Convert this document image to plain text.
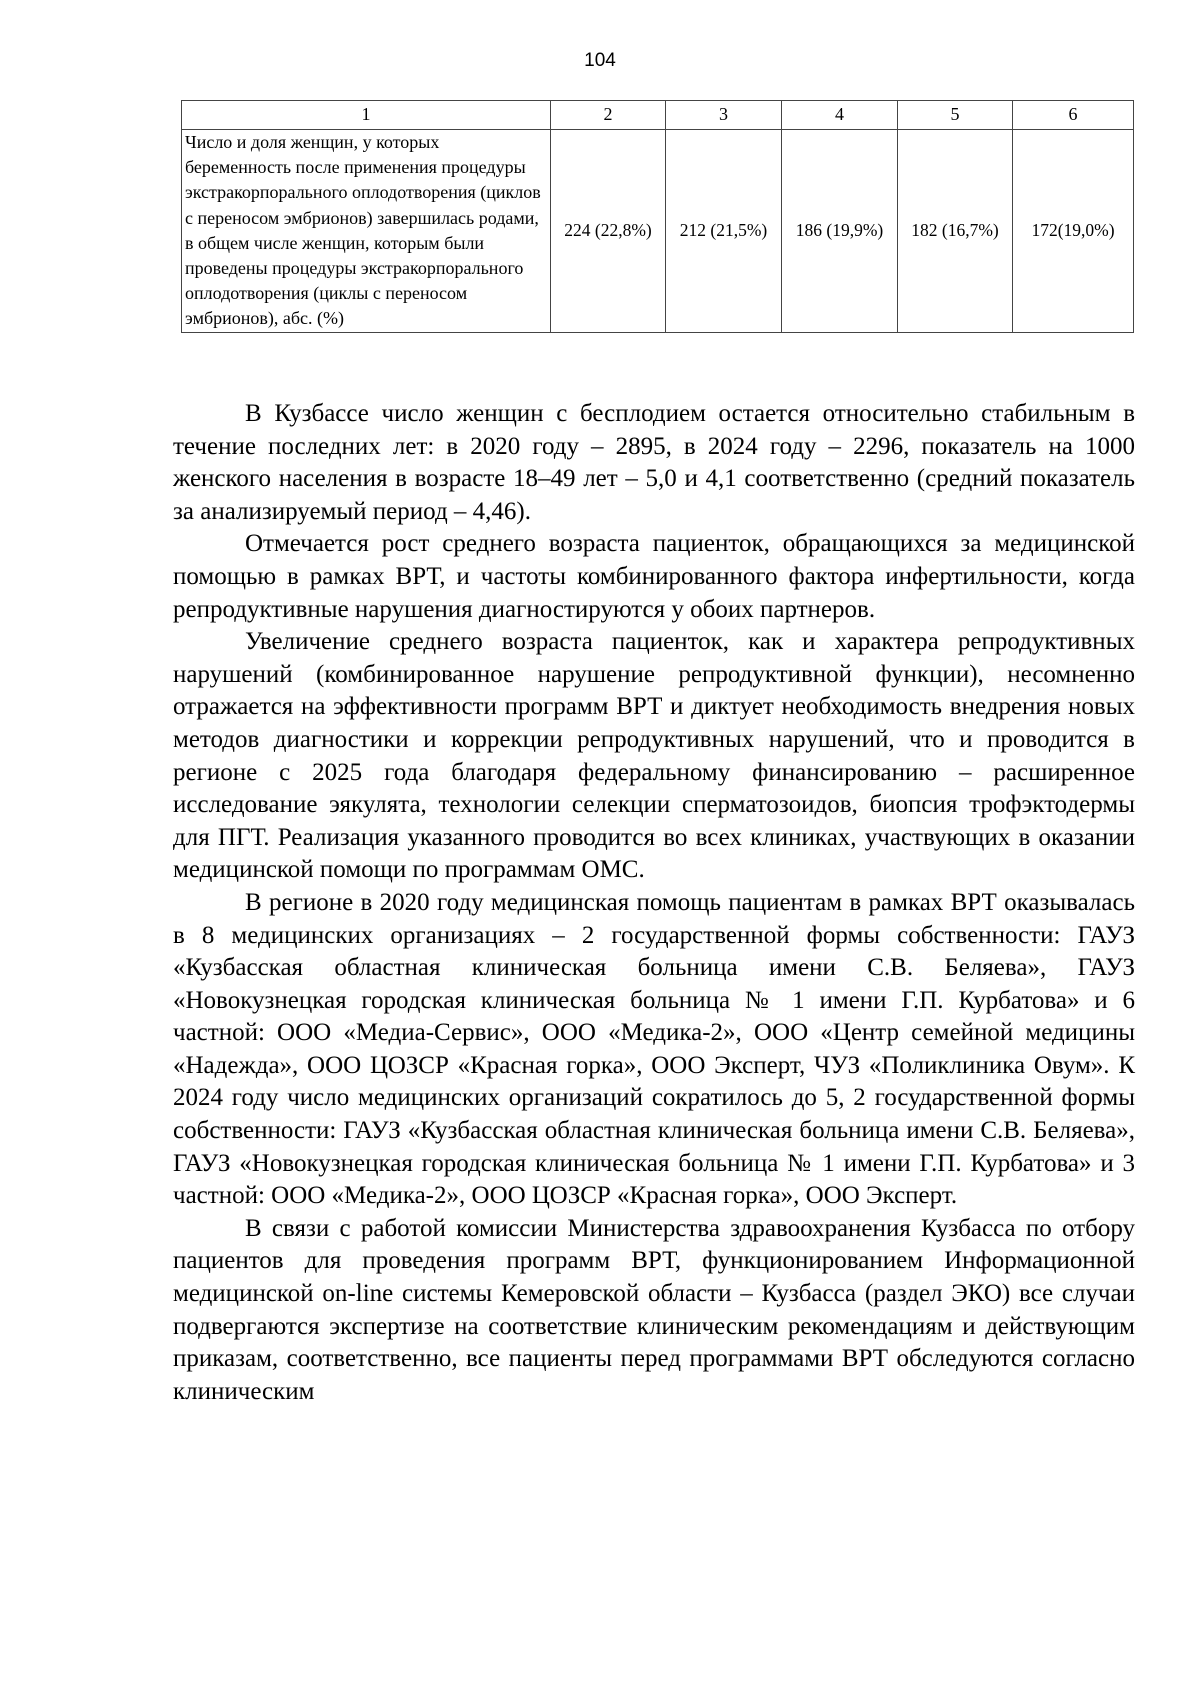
104
1	2	3	4	5	6
Число и доля женщин, у которых беременность после применения процедуры экстракорпорального оплодотворения (циклов с переносом эмбрионов) завершилась родами, в общем числе женщин, которым были проведены процедуры экстракорпорального оплодотворения (циклы с переносом эмбрионов), абс. (%)	224 (22,8%)	212 (21,5%)	186 (19,9%)	182 (16,7%)	172(19,0%)

В Кузбассе число женщин с бесплодием остается относительно стабильным в течение последних лет: в 2020 году – 2895, в 2024 году – 2296, показатель на 1000 женского населения в возрасте 18–49 лет – 5,0 и 4,1 соответственно (средний показатель за анализируемый период – 4,46).

Отмечается рост среднего возраста пациенток, обращающихся за медицинской помощью в рамках ВРТ, и частоты комбинированного фактора инфертильности, когда репродуктивные нарушения диагностируются у обоих партнеров.

Увеличение среднего возраста пациенток, как и характера репродуктивных нарушений (комбинированное нарушение репродуктивной функции), несомненно отражается на эффективности программ ВРТ и диктует необходимость внедрения новых методов диагностики и коррекции репродуктивных нарушений, что и проводится в регионе с 2025 года благодаря федеральному финансированию – расширенное исследование эякулята, технологии селекции сперматозоидов, биопсия трофэктодермы для ПГТ. Реализация указанного проводится во всех клиниках, участвующих в оказании медицинской помощи по программам ОМС.

В регионе в 2020 году медицинская помощь пациентам в рамках ВРТ оказывалась в 8 медицинских организациях – 2 государственной формы собственности: ГАУЗ «Кузбасская областная клиническая больница имени С.В. Беляева», ГАУЗ «Новокузнецкая городская клиническая больница № 1 имени Г.П. Курбатова» и 6 частной: ООО «Медиа-Сервис», ООО «Медика-2», ООО «Центр семейной медицины «Надежда», ООО ЦОЗСР «Красная горка», ООО Эксперт, ЧУЗ «Поликлиника Овум». К 2024 году число медицинских организаций сократилось до 5, 2 государственной формы собственности: ГАУЗ «Кузбасская областная клиническая больница имени С.В. Беляева», ГАУЗ «Новокузнецкая городская клиническая больница № 1 имени Г.П. Курбатова» и 3 частной: ООО «Медика-2», ООО ЦОЗСР «Красная горка», ООО Эксперт.

В связи с работой комиссии Министерства здравоохранения Кузбасса по отбору пациентов для проведения программ ВРТ, функционированием Информационной медицинской on-line системы Кемеровской области – Кузбасса (раздел ЭКО) все случаи подвергаются экспертизе на соответствие клиническим рекомендациям и действующим приказам, соответственно, все пациенты перед программами ВРТ обследуются согласно клиническим
